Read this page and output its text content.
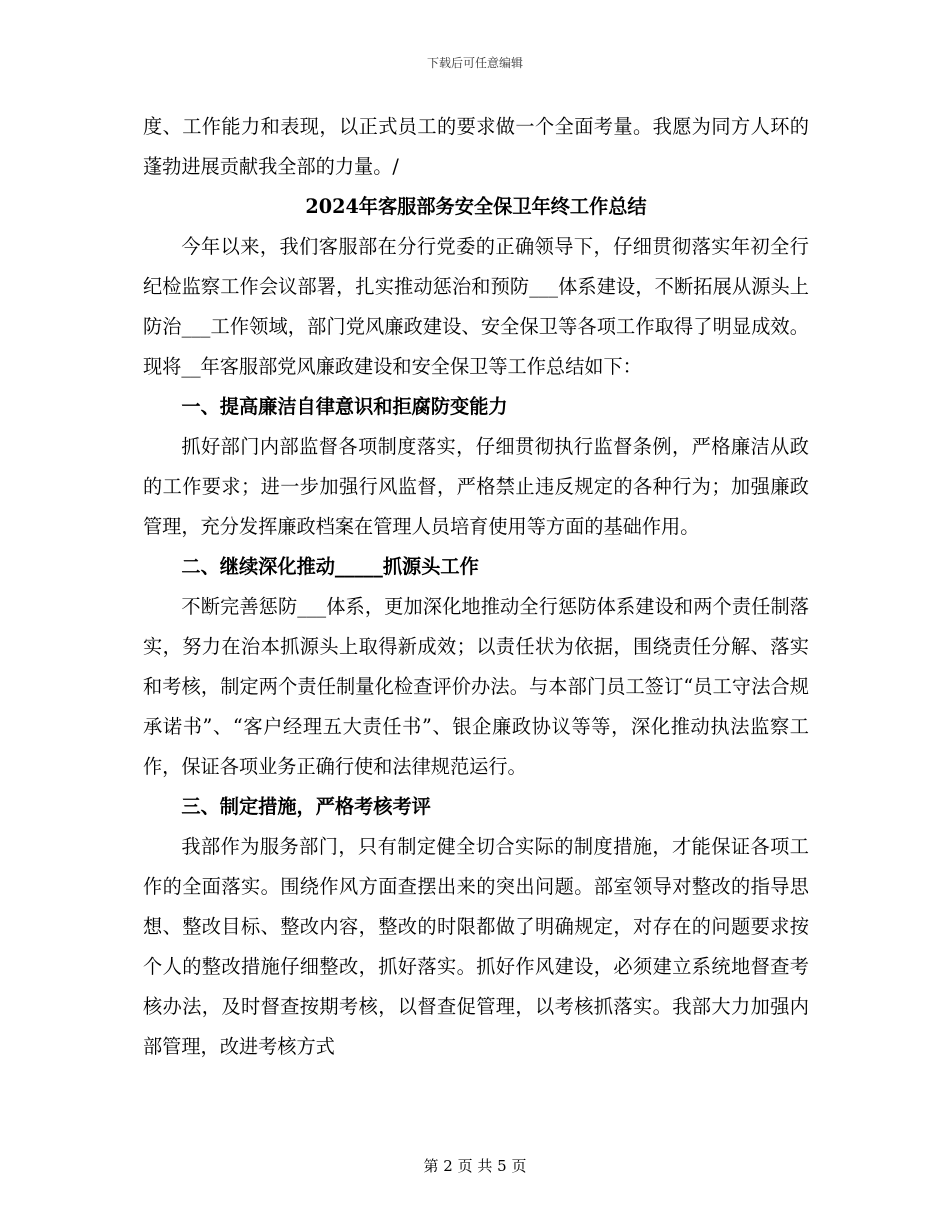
下载后可任意编辑

度、工作能力和表现，以正式员工的要求做一个全面考量。我愿为同方人环的蓬勃进展贡献我全部的力量。/

2024年客服部务安全保卫年终工作总结

今年以来，我们客服部在分行党委的正确领导下，仔细贯彻落实年初全行纪检监察工作会议部署，扎实推动惩治和预防___体系建设，不断拓展从源头上防治___工作领域，部门党风廉政建设、安全保卫等各项工作取得了明显成效。现将__年客服部党风廉政建设和安全保卫等工作总结如下：

一、提高廉洁自律意识和拒腐防变能力

抓好部门内部监督各项制度落实，仔细贯彻执行监督条例，严格廉洁从政的工作要求；进一步加强行风监督，严格禁止违反规定的各种行为；加强廉政管理，充分发挥廉政档案在管理人员培育使用等方面的基础作用。

二、继续深化推动_____抓源头工作

不断完善惩防___体系，更加深化地推动全行惩防体系建设和两个责任制落实，努力在治本抓源头上取得新成效；以责任状为依据，围绕责任分解、落实和考核，制定两个责任制量化检查评价办法。与本部门员工签订“员工守法合规承诺书”、“客户经理五大责任书”、银企廉政协议等等，深化推动执法监察工作，保证各项业务正确行使和法律规范运行。

三、制定措施，严格考核考评

我部作为服务部门，只有制定健全切合实际的制度措施，才能保证各项工作的全面落实。围绕作风方面查摆出来的突出问题。部室领导对整改的指导思想、整改目标、整改内容，整改的时限都做了明确规定，对存在的问题要求按个人的整改措施仔细整改，抓好落实。抓好作风建设，必须建立系统地督查考核办法，及时督查按期考核，以督查促管理，以考核抓落实。我部大力加强内部管理，改进考核方式

第 2 页 共 5 页
